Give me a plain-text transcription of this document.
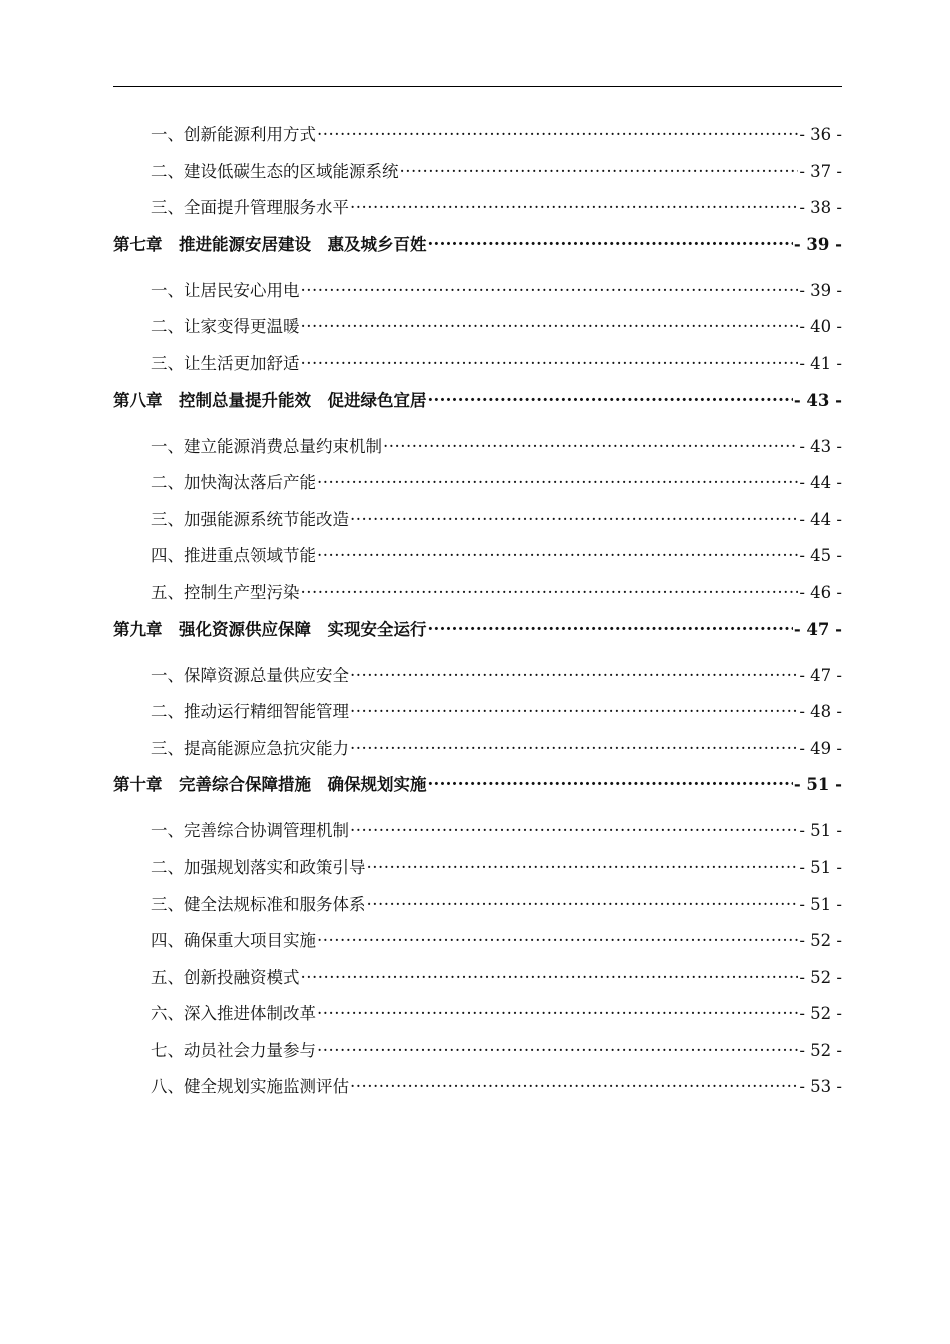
一、创新能源利用方式 .....	- 36 -
二、建设低碳生态的区域能源系统 .....	- 37 -
三、全面提升管理服务水平 .....	- 38 -
第七章　推进能源安居建设　惠及城乡百姓 .....	- 39 -
一、让居民安心用电 .....	- 39 -
二、让家变得更温暖 .....	- 40 -
三、让生活更加舒适 .....	- 41 -
第八章　控制总量提升能效　促进绿色宜居 .....	- 43 -
一、建立能源消费总量约束机制 .....	- 43 -
二、加快淘汰落后产能 .....	- 44 -
三、加强能源系统节能改造 .....	- 44 -
四、推进重点领域节能 .....	- 45 -
五、控制生产型污染 .....	- 46 -
第九章　强化资源供应保障　实现安全运行 .....	- 47 -
一、保障资源总量供应安全 .....	- 47 -
二、推动运行精细智能管理 .....	- 48 -
三、提高能源应急抗灾能力 .....	- 49 -
第十章　完善综合保障措施　确保规划实施 .....	- 51 -
一、完善综合协调管理机制 .....	- 51 -
二、加强规划落实和政策引导 .....	- 51 -
三、健全法规标准和服务体系 .....	- 51 -
四、确保重大项目实施 .....	- 52 -
五、创新投融资模式 .....	- 52 -
六、深入推进体制改革 .....	- 52 -
七、动员社会力量参与 .....	- 52 -
八、健全规划实施监测评估 .....	- 53 -
